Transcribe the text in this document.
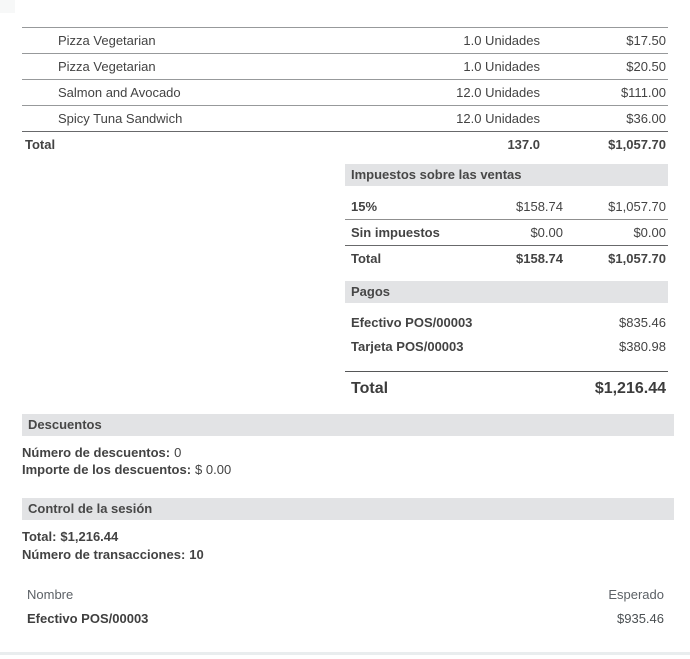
Pizza Vegetarian	1.0 Unidades	$17.50
Pizza Vegetarian	1.0 Unidades	$20.50
Salmon and Avocado	12.0 Unidades	$111.00
Spicy Tuna Sandwich	12.0 Unidades	$36.00
Total	137.0	$1,057.70
Impuestos sobre las ventas
15%	$158.74	$1,057.70
Sin impuestos	$0.00	$0.00
Total	$158.74	$1,057.70
Pagos
Efectivo POS/00003	$835.46
Tarjeta POS/00003	$380.98
Total	$1,216.44
Descuentos
Número de descuentos: 0
Importe de los descuentos: $ 0.00
Control de la sesión
Total: $1,216.44
Número de transacciones: 10
Nombre	Esperado
Efectivo POS/00003	$935.46
